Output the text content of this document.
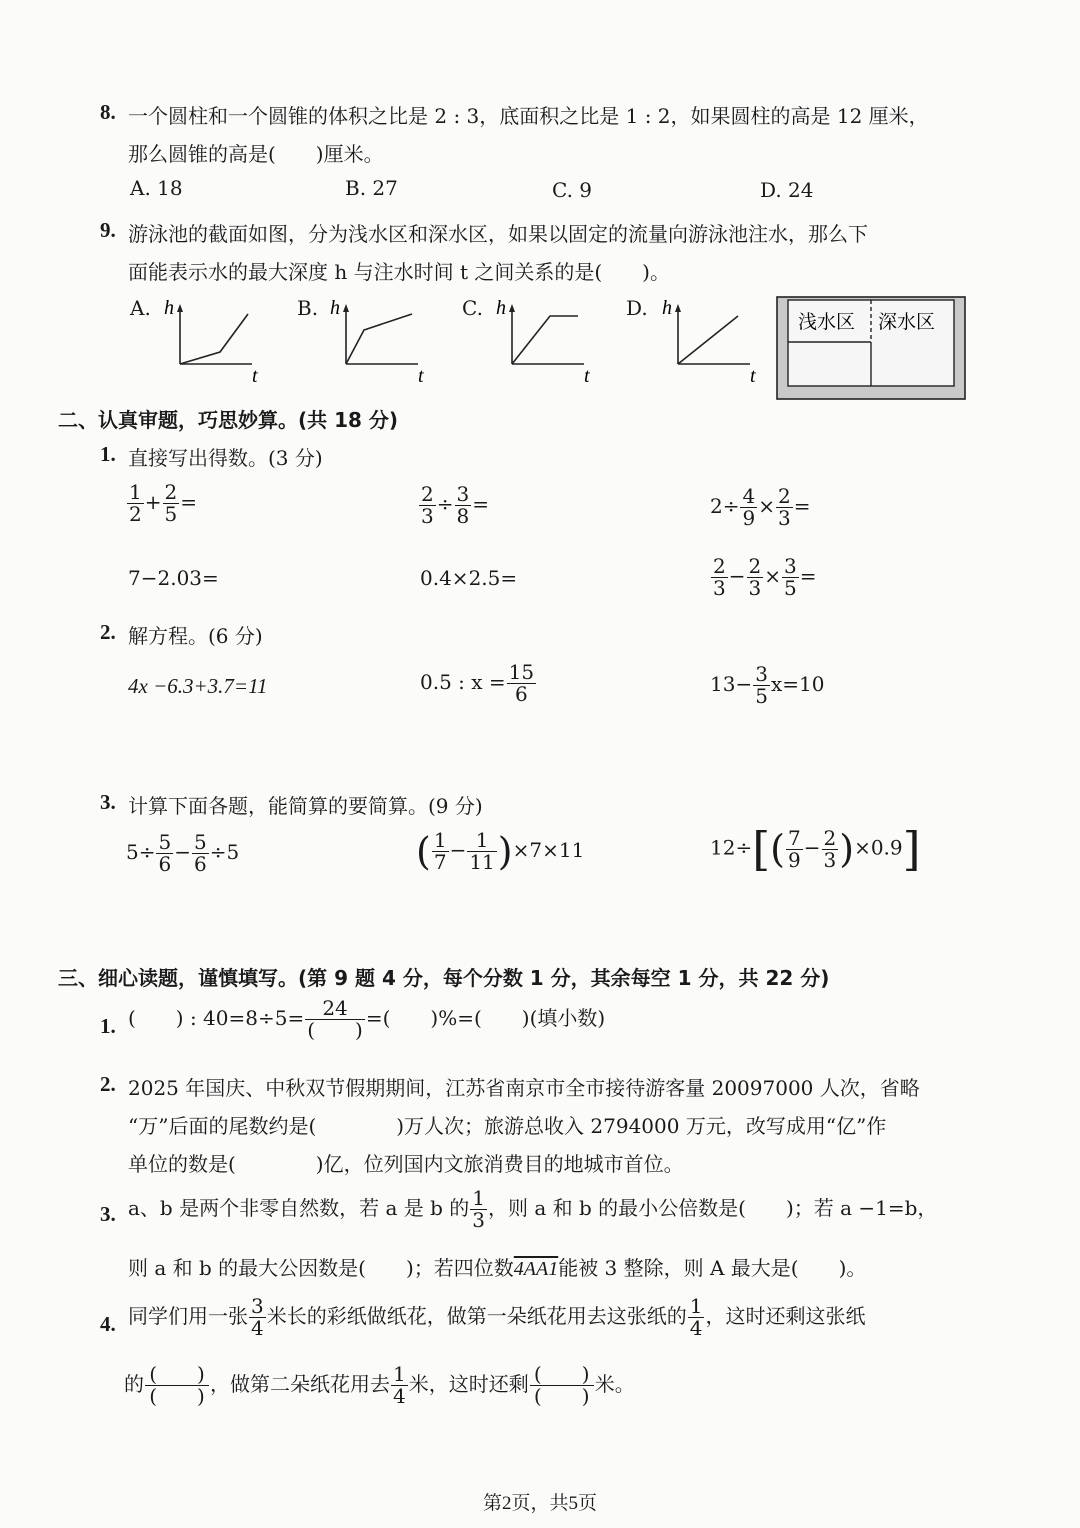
8. 一个圆柱和一个圆锥的体积之比是 2 : 3，底面积之比是 1 : 2，如果圆柱的高是 12 厘米，
那么圆锥的高是(　　)厘米。
A. 18	B. 27	C. 9	D. 24
9. 游泳池的截面如图，分为浅水区和深水区，如果以固定的流量向游泳池注水，那么下
面能表示水的最大深度 h 与注水时间 t 之间关系的是(　　)。
A. h
t
B. h
t
C. h
t
D. h
t
浅水区 深水区
二、认真审题，巧思妙算。(共 18 分)
1. 直接写出得数。(3 分)
$\frac{1}{2} + \frac{2}{5}$ =	$\frac{2}{3} \div \frac{3}{8}$ =	$2\div \frac{4}{9} \times \frac{2}{3}$ =
7−2.03=	0.4×2.5=	$\frac{2}{3} - \frac{2}{3} \times \frac{3}{5}$ =
2. 解方程。(6 分)
4x −6.3+3.7=11	0.5 : $x = \frac{15}{6}$	$13- \frac{3}{5} x=10$
3. 计算下面各题，能简算的要简算。(9 分)
$5\div \frac{5}{6} - \frac{5}{6} \div 5$	( $\frac{1}{7} - \frac{1}{11} )\times 7\times 11$	$12\div[( \frac{7}{9} - \frac{2}{3} )\times 0.9]$
三、细心读题，谨慎填写。(第 9 题 4 分，每个分数 1 分，其余每空 1 分，共 22 分)
1. (　　) : $40=8\div 5= \frac{24}{( )}$ =(　　)%=(　　)(填小数)
2. 2025 年国庆、中秋双节假期期间，江苏省南京市全市接待游客量 20097000 人次，省略
“万”后面的尾数约是(　　　　)万人次；旅游总收入 2794000 万元，改写成用“亿”作
单位的数是(　　　　)亿，位列国内文旅消费目的地城市首位。
3. a、b 是两个非零自然数，若 a 是 b 的 $\frac{1}{3}$ ，则 a 和 b 的最小公倍数是(　　)；若 a −1=b，
则 a 和 b 的最大公因数是(　　)；若四位数4AA1能被 3 整除，则 A 最大是(　　)。
4. 同学们用一张 $\frac{3}{4}$ 米长的彩纸做纸花，做第一朵纸花用去这张纸的 $\frac{1}{4}$ ，这时还剩这张纸
的 $\frac{( )}{( )}$ ，做第二朵纸花用去 $\frac{1}{4}$ 米，这时还剩 $\frac{( )}{( )}$ 米。
第2页，共5页
